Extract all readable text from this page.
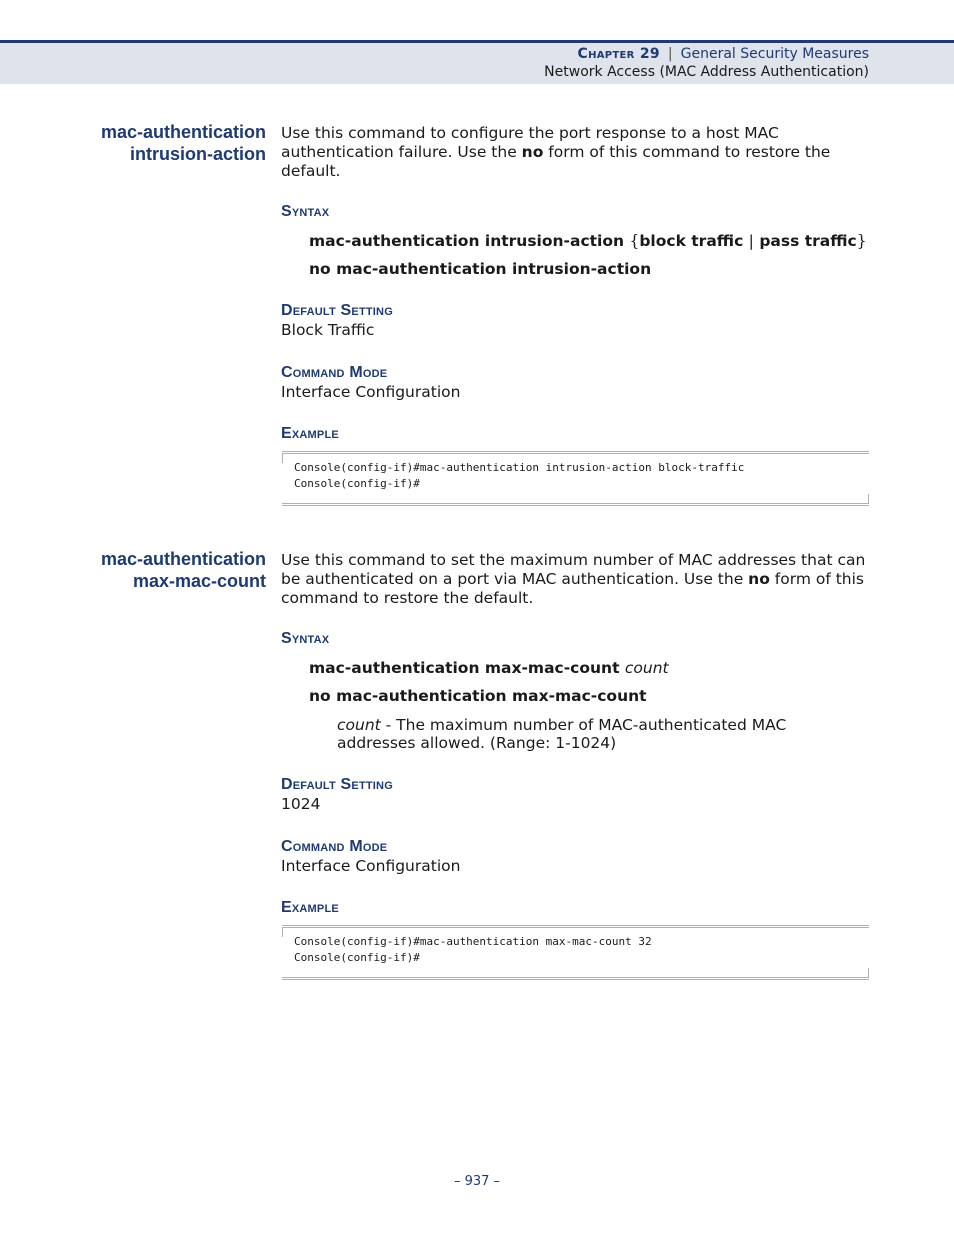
Chapter 29 | General Security Measures
Network Access (MAC Address Authentication)
mac-authentication
intrusion-action

Use this command to configure the port response to a host MAC authentication failure. Use the no form of this command to restore the default.

Syntax
mac-authentication intrusion-action {block traffic | pass traffic}
no mac-authentication intrusion-action
Default Setting
Block Traffic
Command Mode
Interface Configuration
Example
Console(config-if)#mac-authentication intrusion-action block-traffic
Console(config-if)#
mac-authentication
max-mac-count

Use this command to set the maximum number of MAC addresses that can be authenticated on a port via MAC authentication. Use the no form of this command to restore the default.

Syntax
mac-authentication max-mac-count count
no mac-authentication max-mac-count
count - The maximum number of MAC-authenticated MAC addresses allowed. (Range: 1-1024)
Default Setting
1024
Command Mode
Interface Configuration
Example
Console(config-if)#mac-authentication max-mac-count 32
Console(config-if)#
– 937 –
